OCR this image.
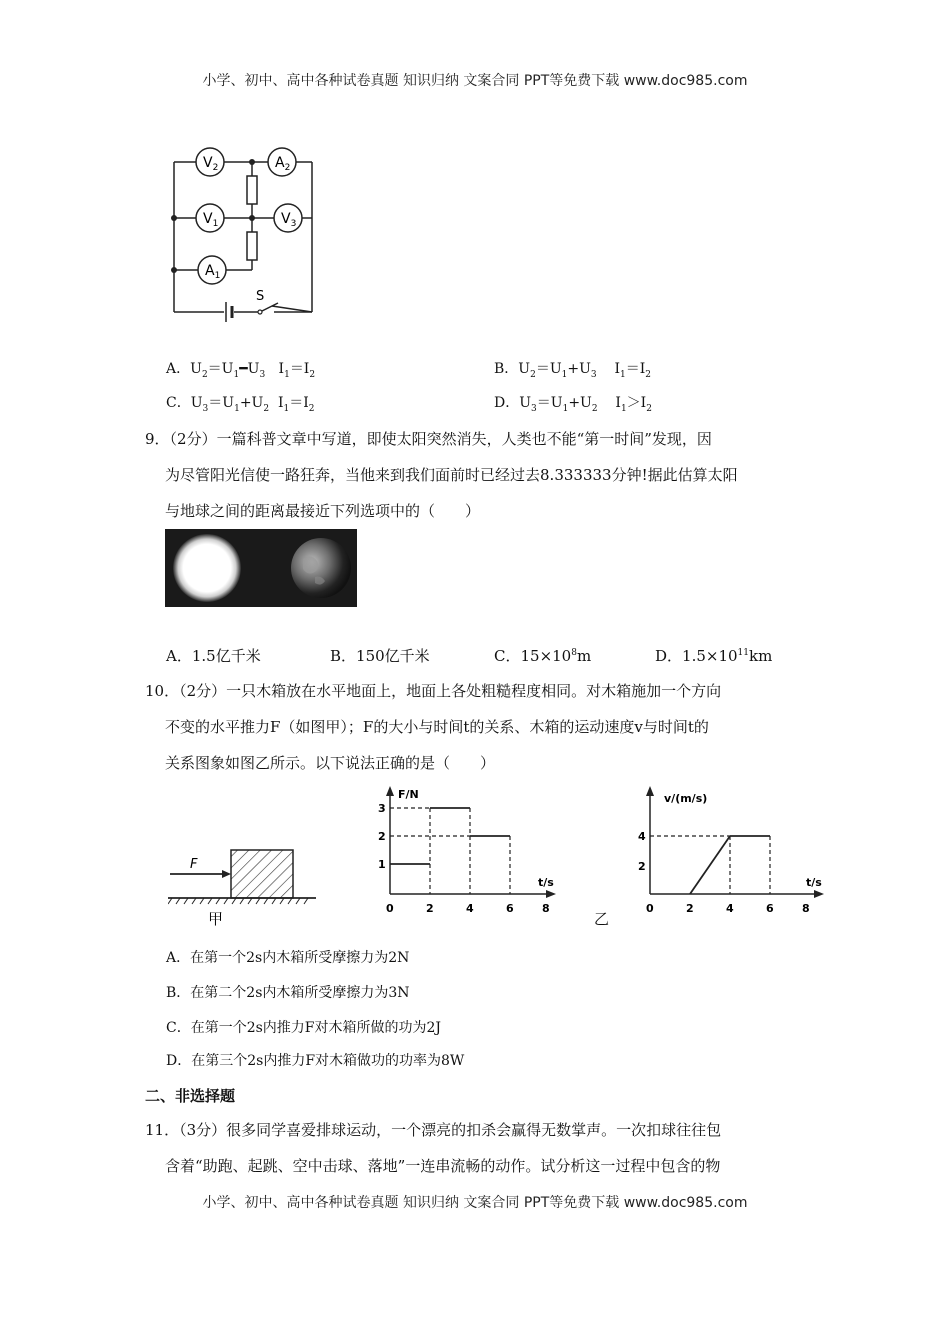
小学、初中、高中各种试卷真题 知识归纳 文案合同 PPT等免费下载 www.doc985.com
$V_2$	$A_2$
$V_1$	$V_3$
$A_1$
S
A．$U_2=U_1━U_3$   $I_1=I_2$	B．$U_2=U_1+U_3$    $I_1=I_2$
C．$U_3=U_1+U_2$  $I_1=I_2$	D．$U_3=U_1+U_2$    $I_1>I_2$
9．（2分）一篇科普文章中写道，即使太阳突然消失，人类也不能“第一时间”发现，因
为尽管阳光信使一路狂奔，当他来到我们面前时已经过去8.333333分钟!据此估算太阳
与地球之间的距离最接近下列选项中的（　　）
A．1.5亿千米	B．150亿千米	C．$15\times 10^8m$	D．$1.5\times 10^{11}km$
10．（2分）一只木箱放在水平地面上，地面上各处粗糙程度相同。对木箱施加一个方向
不变的水平推力F（如图甲）；F的大小与时间t的关系、木箱的运动速度v与时间t的
关系图象如图乙所示。以下说法正确的是（　　）
F
甲
F/N
t/s
1
2
3
0	2	4	6	8
乙
v/(m/s)
t/s
2
4
0	2	4	6	8
A．在第一个2s内木箱所受摩擦力为2N
B．在第二个2s内木箱所受摩擦力为3N
C．在第一个2s内推力F对木箱所做的功为2J
D．在第三个2s内推力F对木箱做功的功率为8W
二、非选择题
11．（3分）很多同学喜爱排球运动，一个漂亮的扣杀会赢得无数掌声。一次扣球往往包
含着“助跑、起跳、空中击球、落地”一连串流畅的动作。试分析这一过程中包含的物
小学、初中、高中各种试卷真题 知识归纳 文案合同 PPT等免费下载 www.doc985.com
